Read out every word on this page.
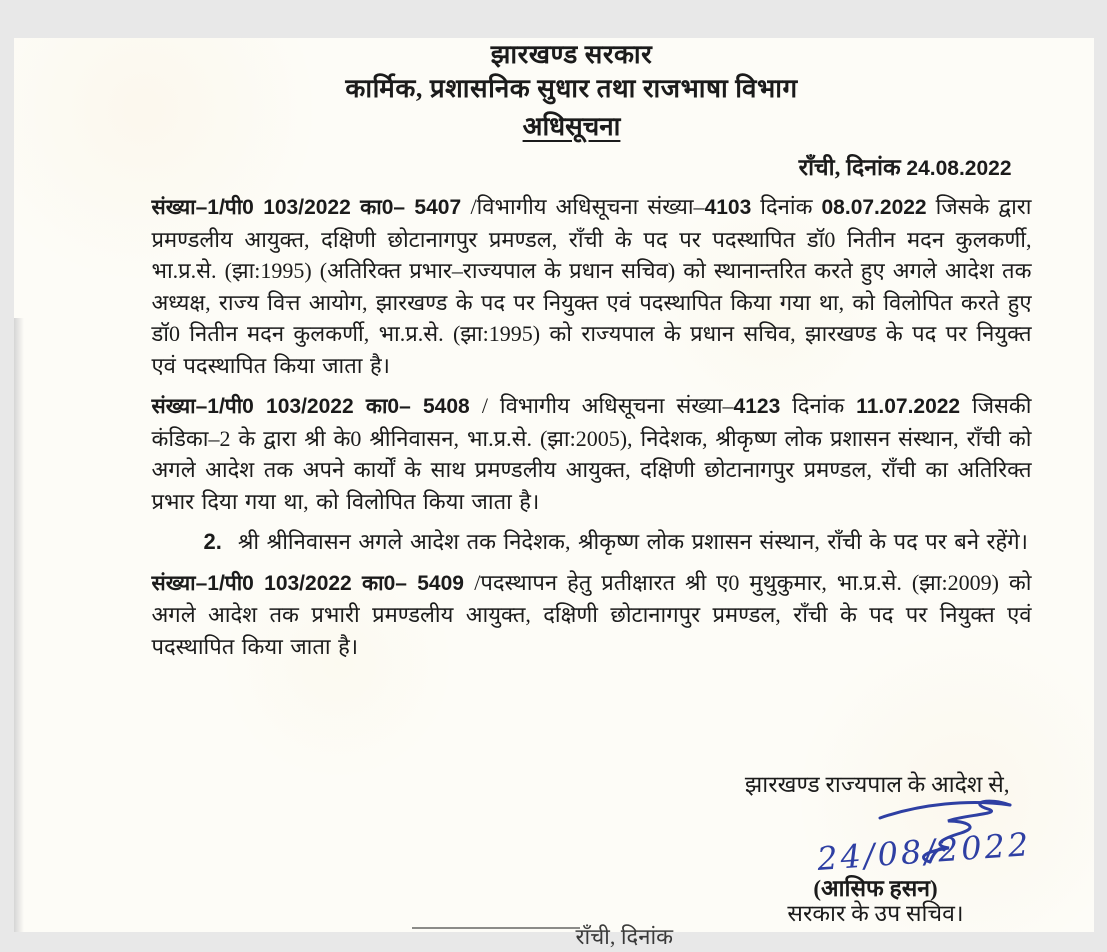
झारखण्ड सरकार
कार्मिक, प्रशासनिक सुधार तथा राजभाषा विभाग
अधिसूचना
राँची, दिनांक 24.08.2022

संख्या–1/पी0 103/2022 का0– 5407 /विभागीय अधिसूचना संख्या–4103 दिनांक 08.07.2022 जिसके द्वारा प्रमण्डलीय आयुक्त, दक्षिणी छोटानागपुर प्रमण्डल, राँची के पद पर पदस्थापित डॉ0 नितीन मदन कुलकर्णी, भा.प्र.से. (झा:1995) (अतिरिक्त प्रभार–राज्यपाल के प्रधान सचिव) को स्थानान्तरित करते हुए अगले आदेश तक अध्यक्ष, राज्य वित्त आयोग, झारखण्ड के पद पर नियुक्त एवं पदस्थापित किया गया था, को विलोपित करते हुए डॉ0 नितीन मदन कुलकर्णी, भा.प्र.से. (झा:1995) को राज्यपाल के प्रधान सचिव, झारखण्ड के पद पर नियुक्त एवं पदस्थापित किया जाता है।

संख्या–1/पी0 103/2022 का0– 5408 / विभागीय अधिसूचना संख्या–4123 दिनांक 11.07.2022 जिसकी कंडिका–2 के द्वारा श्री के0 श्रीनिवासन, भा.प्र.से. (झा:2005), निदेशक, श्रीकृष्ण लोक प्रशासन संस्थान, राँची को अगले आदेश तक अपने कार्यों के साथ प्रमण्डलीय आयुक्त, दक्षिणी छोटानागपुर प्रमण्डल, राँची का अतिरिक्त प्रभार दिया गया था, को विलोपित किया जाता है।

2. श्री श्रीनिवासन अगले आदेश तक निदेशक, श्रीकृष्ण लोक प्रशासन संस्थान, राँची के पद पर बने रहेंगे।

संख्या–1/पी0 103/2022 का0– 5409 /पदस्थापन हेतु प्रतीक्षारत श्री ए0 मुथुकुमार, भा.प्र.से. (झा:2009) को अगले आदेश तक प्रभारी प्रमण्डलीय आयुक्त, दक्षिणी छोटानागपुर प्रमण्डल, राँची के पद पर नियुक्त एवं पदस्थापित किया जाता है।

झारखण्ड राज्यपाल के आदेश से,
24/08/2022
(आसिफ हसन)
सरकार के उप सचिव।
राँची, दिनांक
